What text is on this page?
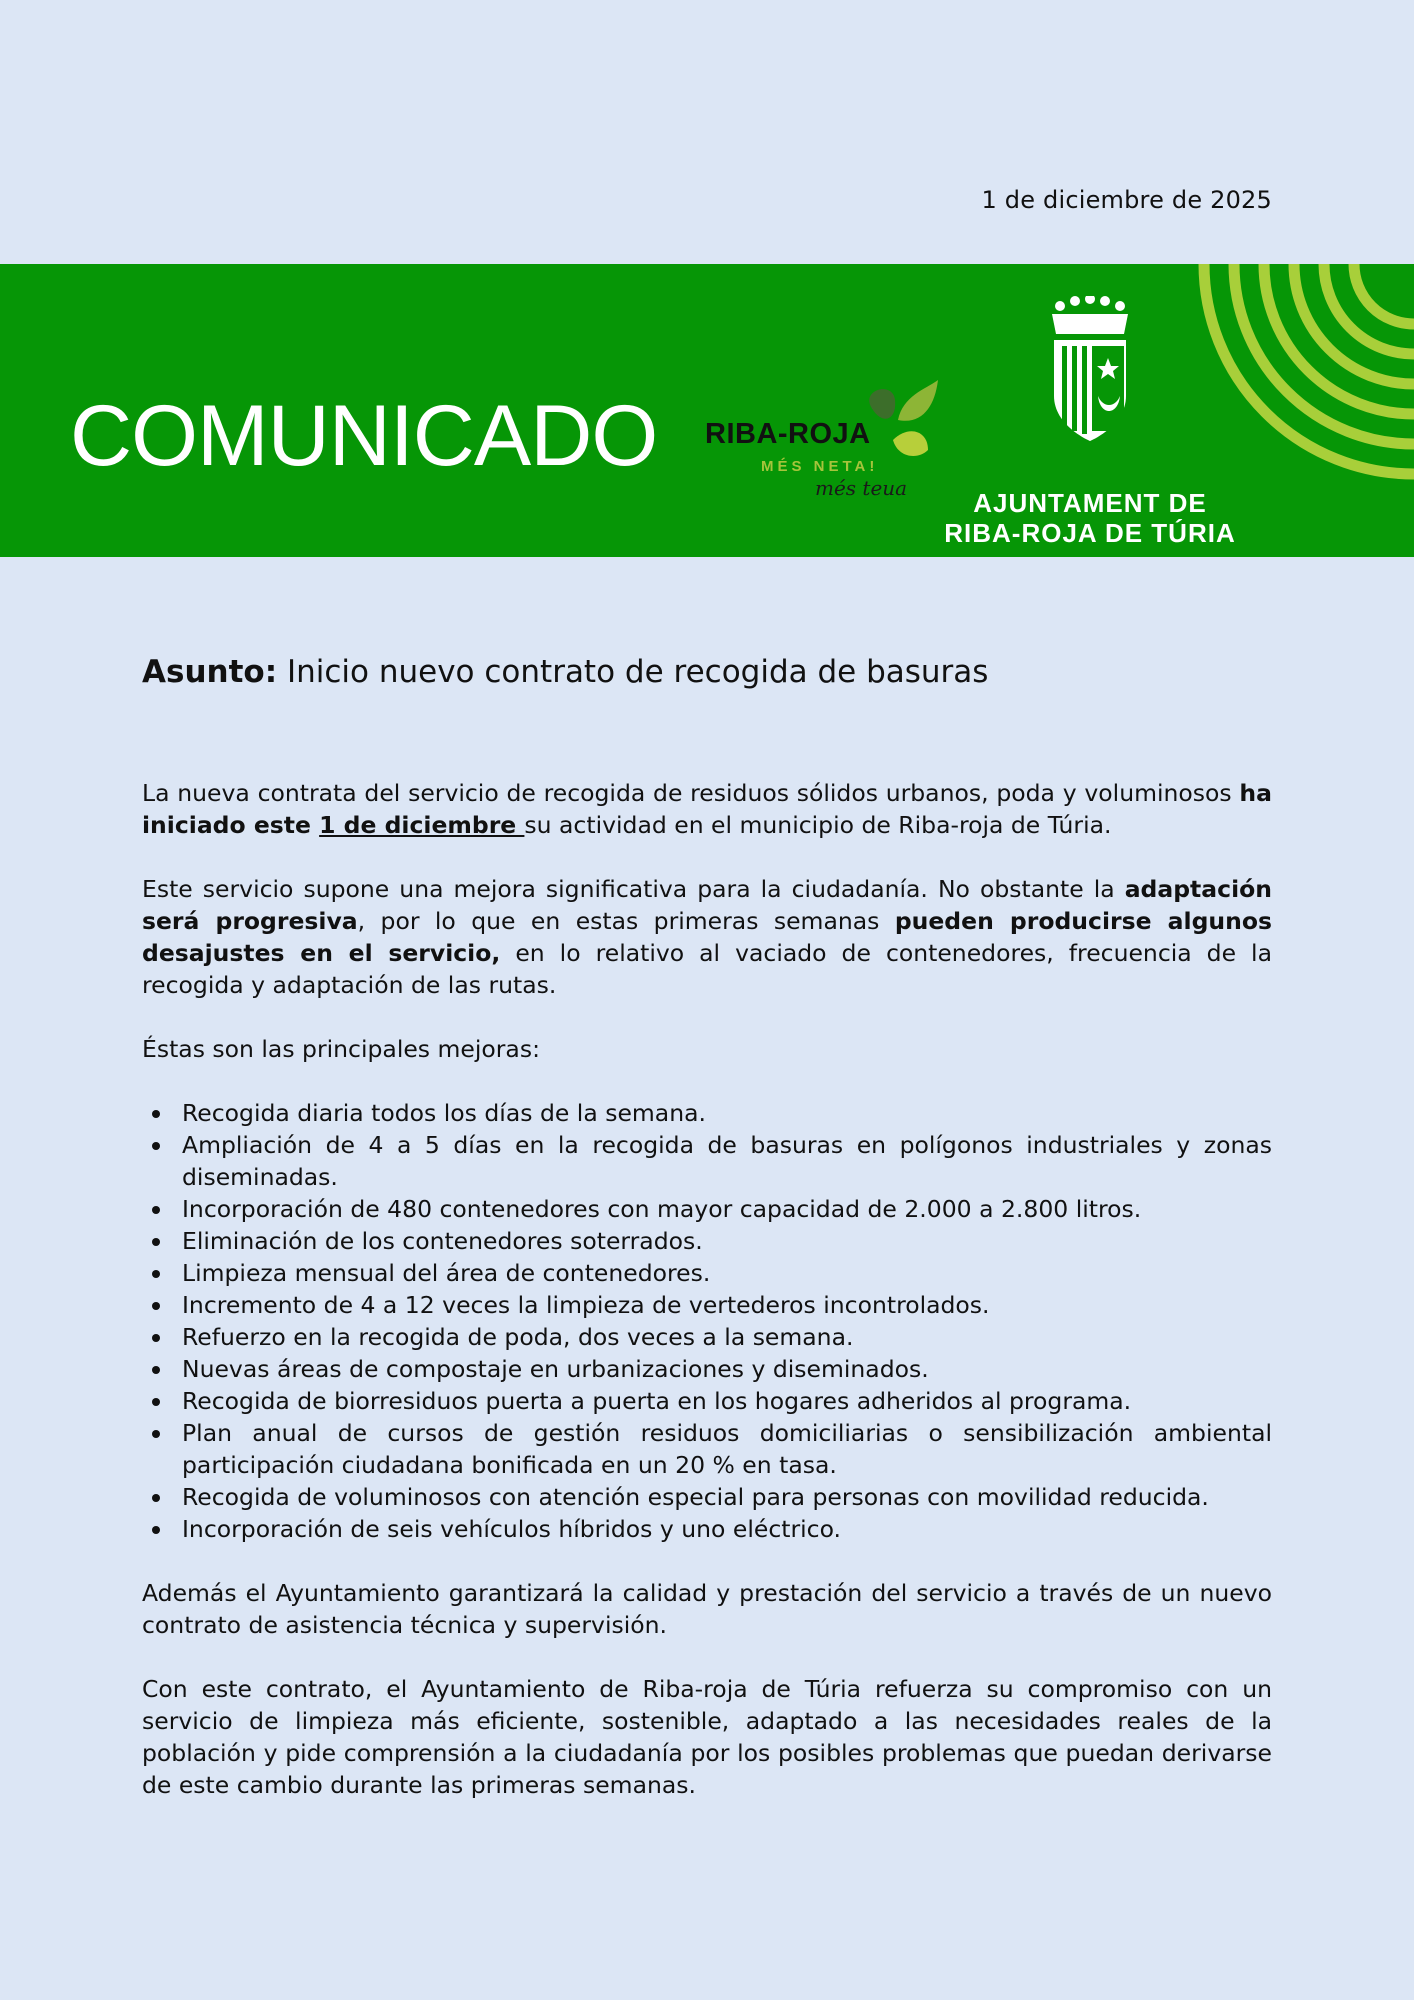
1 de diciembre de 2025
COMUNICADO RIBA-ROJA
MÉS NETA!
més teua	AJUNTAMENT DE
RIBA-ROJA DE TÚRIA
Asunto: Inicio nuevo contrato de recogida de basuras

La nueva contrata del servicio de recogida de residuos sólidos urbanos, poda y voluminosos ha iniciado este 1 de diciembre su actividad en el municipio de Riba-roja de Túria.

Este servicio supone una mejora significativa para la ciudadanía. No obstante la adaptación será progresiva, por lo que en estas primeras semanas pueden producirse algunos desajustes en el servicio, en lo relativo al vaciado de contenedores, frecuencia de la recogida y adaptación de las rutas.

Éstas son las principales mejoras:

Recogida diaria todos los días de la semana.
Ampliación de 4 a 5 días en la recogida de basuras en polígonos industriales y zonas diseminadas.
Incorporación de 480 contenedores con mayor capacidad de 2.000 a 2.800 litros.
Eliminación de los contenedores soterrados.
Limpieza mensual del área de contenedores.
Incremento de 4 a 12 veces la limpieza de vertederos incontrolados.
Refuerzo en la recogida de poda, dos veces a la semana.
Nuevas áreas de compostaje en urbanizaciones y diseminados.
Recogida de biorresiduos puerta a puerta en los hogares adheridos al programa.
Plan anual de cursos de gestión residuos domiciliarias o sensibilización ambiental participación ciudadana bonificada en un 20 % en tasa.
Recogida de voluminosos con atención especial para personas con movilidad reducida.
Incorporación de seis vehículos híbridos y uno eléctrico.

Además el Ayuntamiento garantizará la calidad y prestación del servicio a través de un nuevo contrato de asistencia técnica y supervisión.

Con este contrato, el Ayuntamiento de Riba-roja de Túria refuerza su compromiso con un servicio de limpieza más eficiente, sostenible, adaptado a las necesidades reales de la población y pide comprensión a la ciudadanía por los posibles problemas que puedan derivarse de este cambio durante las primeras semanas.
